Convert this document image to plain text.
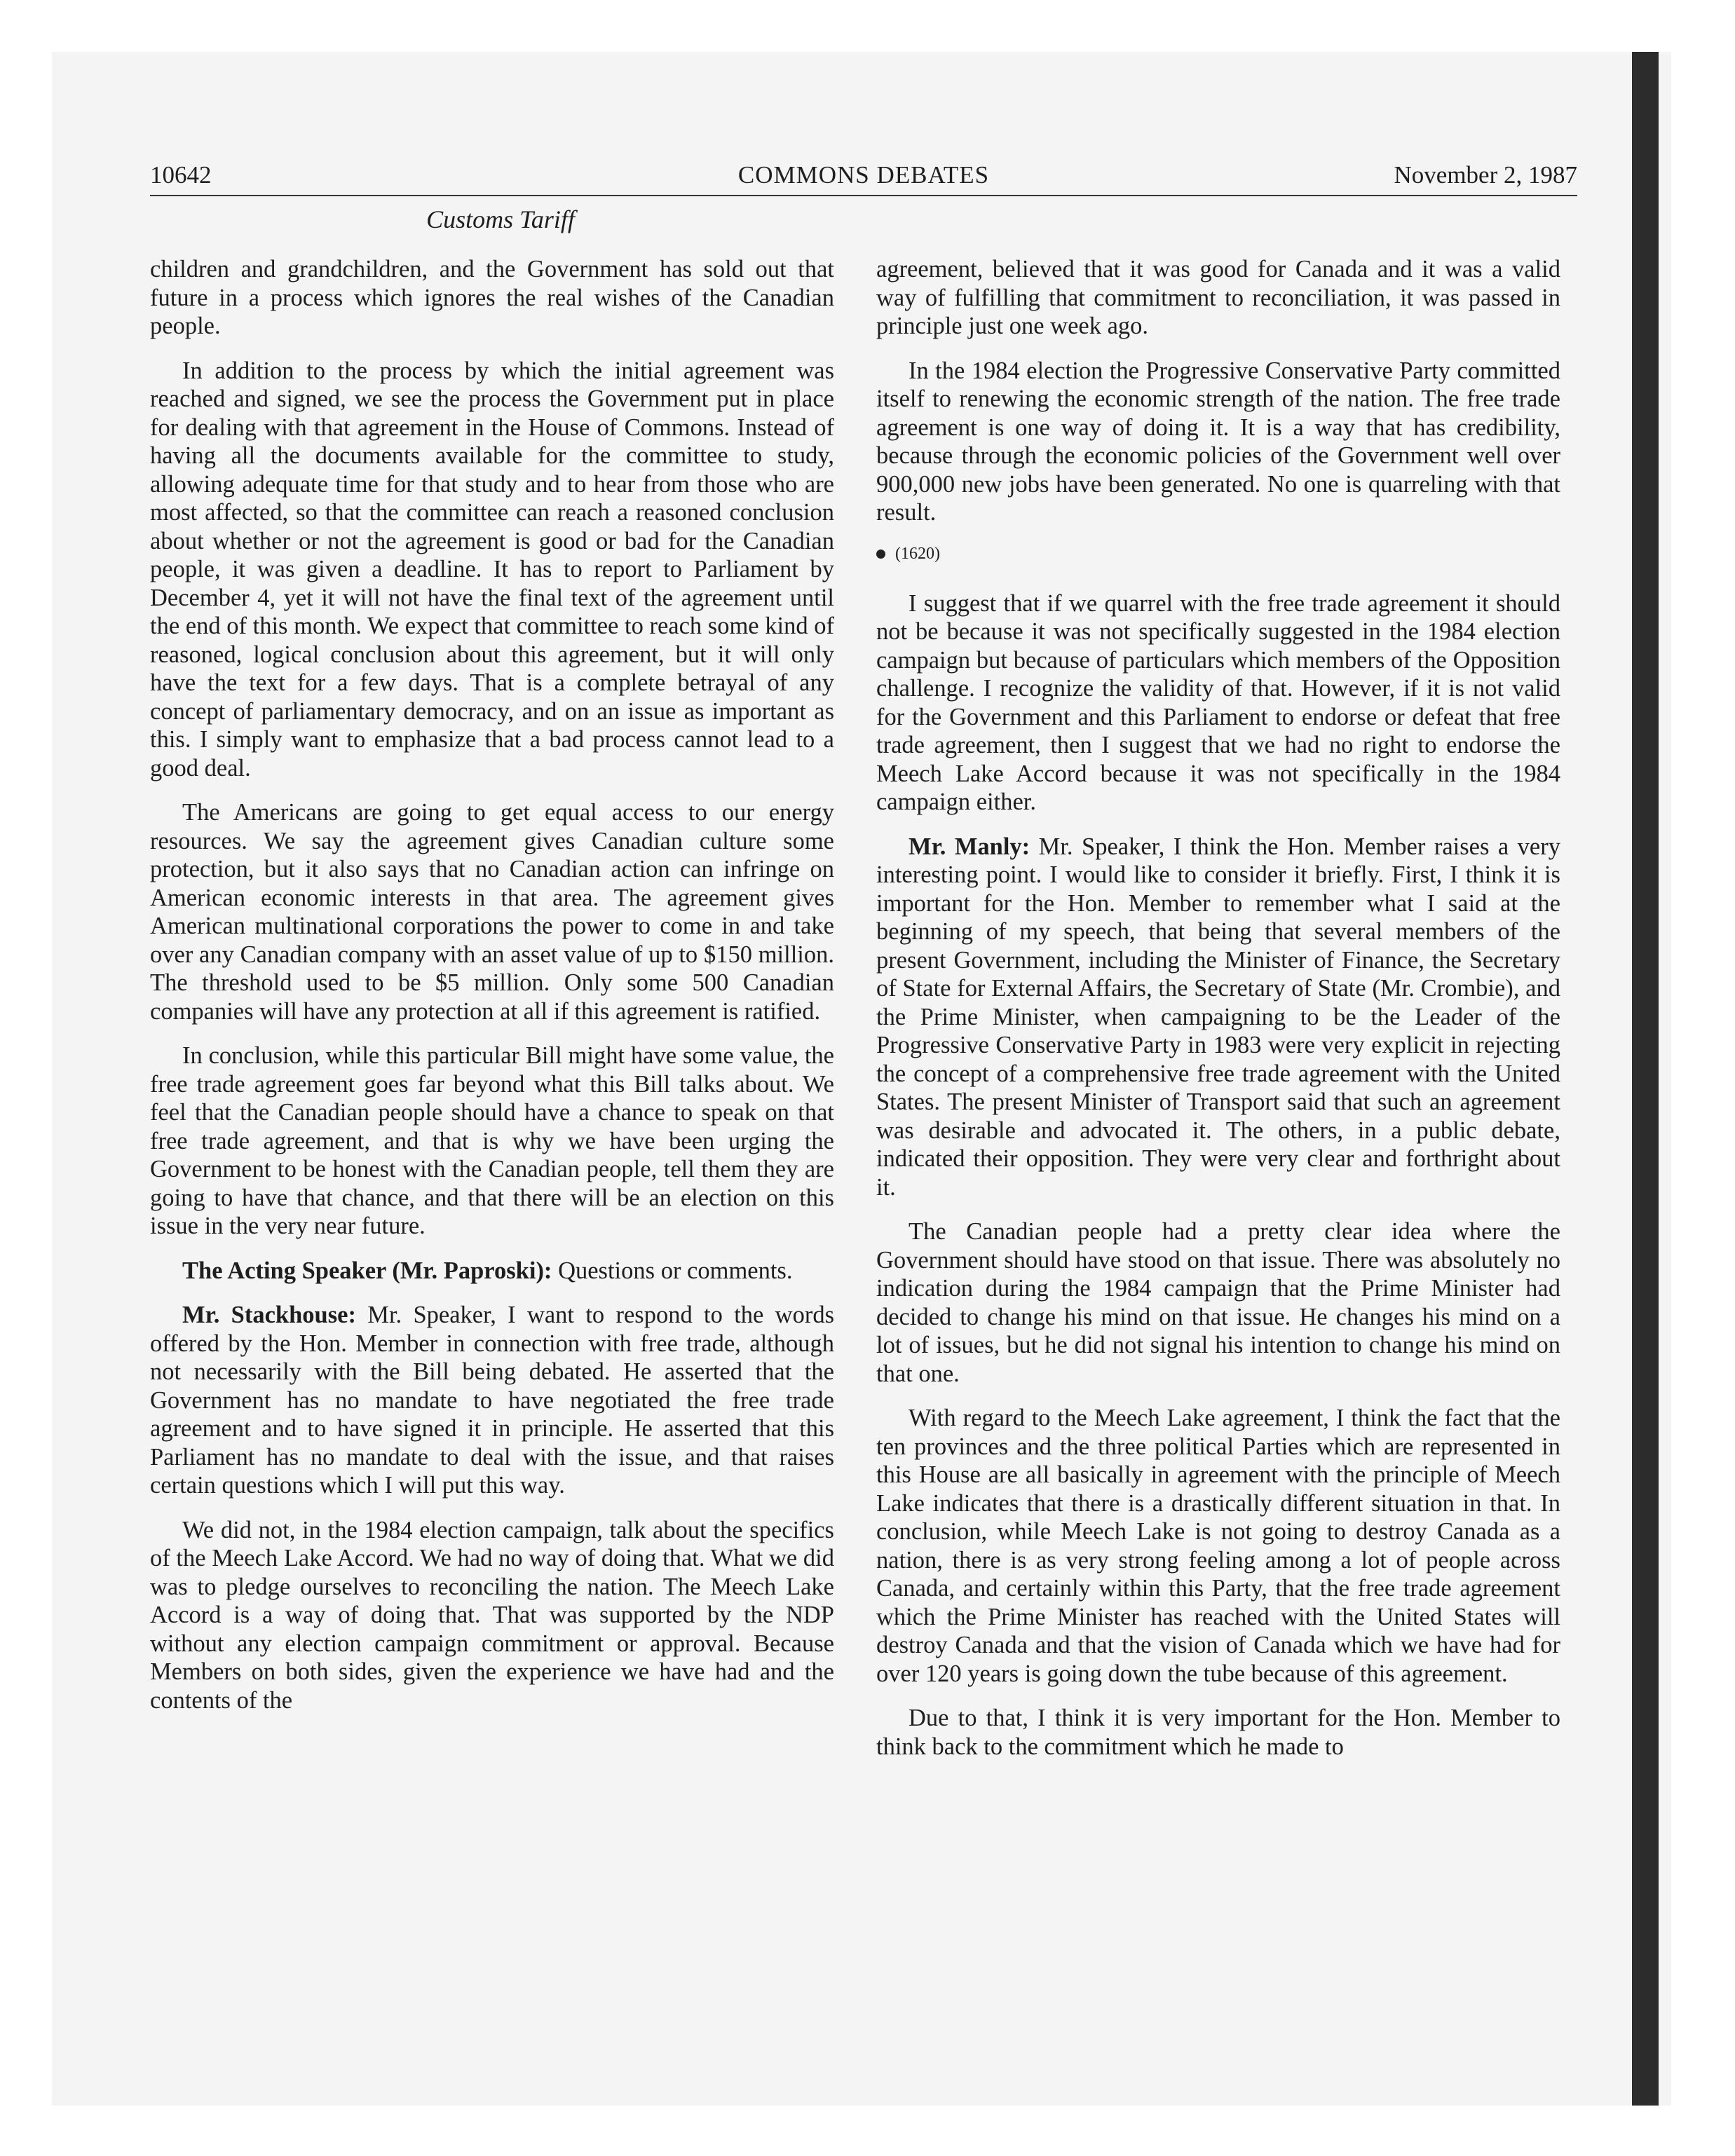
10642	COMMONS DEBATES	November 2, 1987
Customs Tariff

children and grandchildren, and the Government has sold out that future in a process which ignores the real wishes of the Canadian people.

In addition to the process by which the initial agreement was reached and signed, we see the process the Government put in place for dealing with that agreement in the House of Commons. Instead of having all the documents available for the committee to study, allowing adequate time for that study and to hear from those who are most affected, so that the committee can reach a reasoned conclusion about whether or not the agreement is good or bad for the Canadian people, it was given a deadline. It has to report to Parliament by December 4, yet it will not have the final text of the agreement until the end of this month. We expect that committee to reach some kind of reasoned, logical conclusion about this agreement, but it will only have the text for a few days. That is a complete betrayal of any concept of parliamentary democracy, and on an issue as important as this. I simply want to emphasize that a bad process cannot lead to a good deal.

The Americans are going to get equal access to our energy resources. We say the agreement gives Canadian culture some protection, but it also says that no Canadian action can infringe on American economic interests in that area. The agreement gives American multinational corporations the power to come in and take over any Canadian company with an asset value of up to $150 million. The threshold used to be $5 million. Only some 500 Canadian companies will have any protection at all if this agreement is ratified.

In conclusion, while this particular Bill might have some value, the free trade agreement goes far beyond what this Bill talks about. We feel that the Canadian people should have a chance to speak on that free trade agreement, and that is why we have been urging the Government to be honest with the Canadian people, tell them they are going to have that chance, and that there will be an election on this issue in the very near future.

The Acting Speaker (Mr. Paproski): Questions or comments.

Mr. Stackhouse: Mr. Speaker, I want to respond to the words offered by the Hon. Member in connection with free trade, although not necessarily with the Bill being debated. He asserted that the Government has no mandate to have negotiated the free trade agreement and to have signed it in principle. He asserted that this Parliament has no mandate to deal with the issue, and that raises certain questions which I will put this way.

We did not, in the 1984 election campaign, talk about the specifics of the Meech Lake Accord. We had no way of doing that. What we did was to pledge ourselves to reconciling the nation. The Meech Lake Accord is a way of doing that. That was supported by the NDP without any election campaign commitment or approval. Because Members on both sides, given the experience we have had and the contents of the

agreement, believed that it was good for Canada and it was a valid way of fulfilling that commitment to reconciliation, it was passed in principle just one week ago.

In the 1984 election the Progressive Conservative Party committed itself to renewing the economic strength of the nation. The free trade agreement is one way of doing it. It is a way that has credibility, because through the economic policies of the Government well over 900,000 new jobs have been generated. No one is quarreling with that result.

(1620)

I suggest that if we quarrel with the free trade agreement it should not be because it was not specifically suggested in the 1984 election campaign but because of particulars which members of the Opposition challenge. I recognize the validity of that. However, if it is not valid for the Government and this Parliament to endorse or defeat that free trade agreement, then I suggest that we had no right to endorse the Meech Lake Accord because it was not specifically in the 1984 campaign either.

Mr. Manly: Mr. Speaker, I think the Hon. Member raises a very interesting point. I would like to consider it briefly. First, I think it is important for the Hon. Member to remember what I said at the beginning of my speech, that being that several members of the present Government, including the Minister of Finance, the Secretary of State for External Affairs, the Secretary of State (Mr. Crombie), and the Prime Minister, when campaigning to be the Leader of the Progressive Conservative Party in 1983 were very explicit in rejecting the concept of a comprehensive free trade agreement with the United States. The present Minister of Transport said that such an agreement was desirable and advocated it. The others, in a public debate, indicated their opposition. They were very clear and forthright about it.

The Canadian people had a pretty clear idea where the Government should have stood on that issue. There was absolutely no indication during the 1984 campaign that the Prime Minister had decided to change his mind on that issue. He changes his mind on a lot of issues, but he did not signal his intention to change his mind on that one.

With regard to the Meech Lake agreement, I think the fact that the ten provinces and the three political Parties which are represented in this House are all basically in agreement with the principle of Meech Lake indicates that there is a drastically different situation in that. In conclusion, while Meech Lake is not going to destroy Canada as a nation, there is as very strong feeling among a lot of people across Canada, and certainly within this Party, that the free trade agreement which the Prime Minister has reached with the United States will destroy Canada and that the vision of Canada which we have had for over 120 years is going down the tube because of this agreement.

Due to that, I think it is very important for the Hon. Member to think back to the commitment which he made to
